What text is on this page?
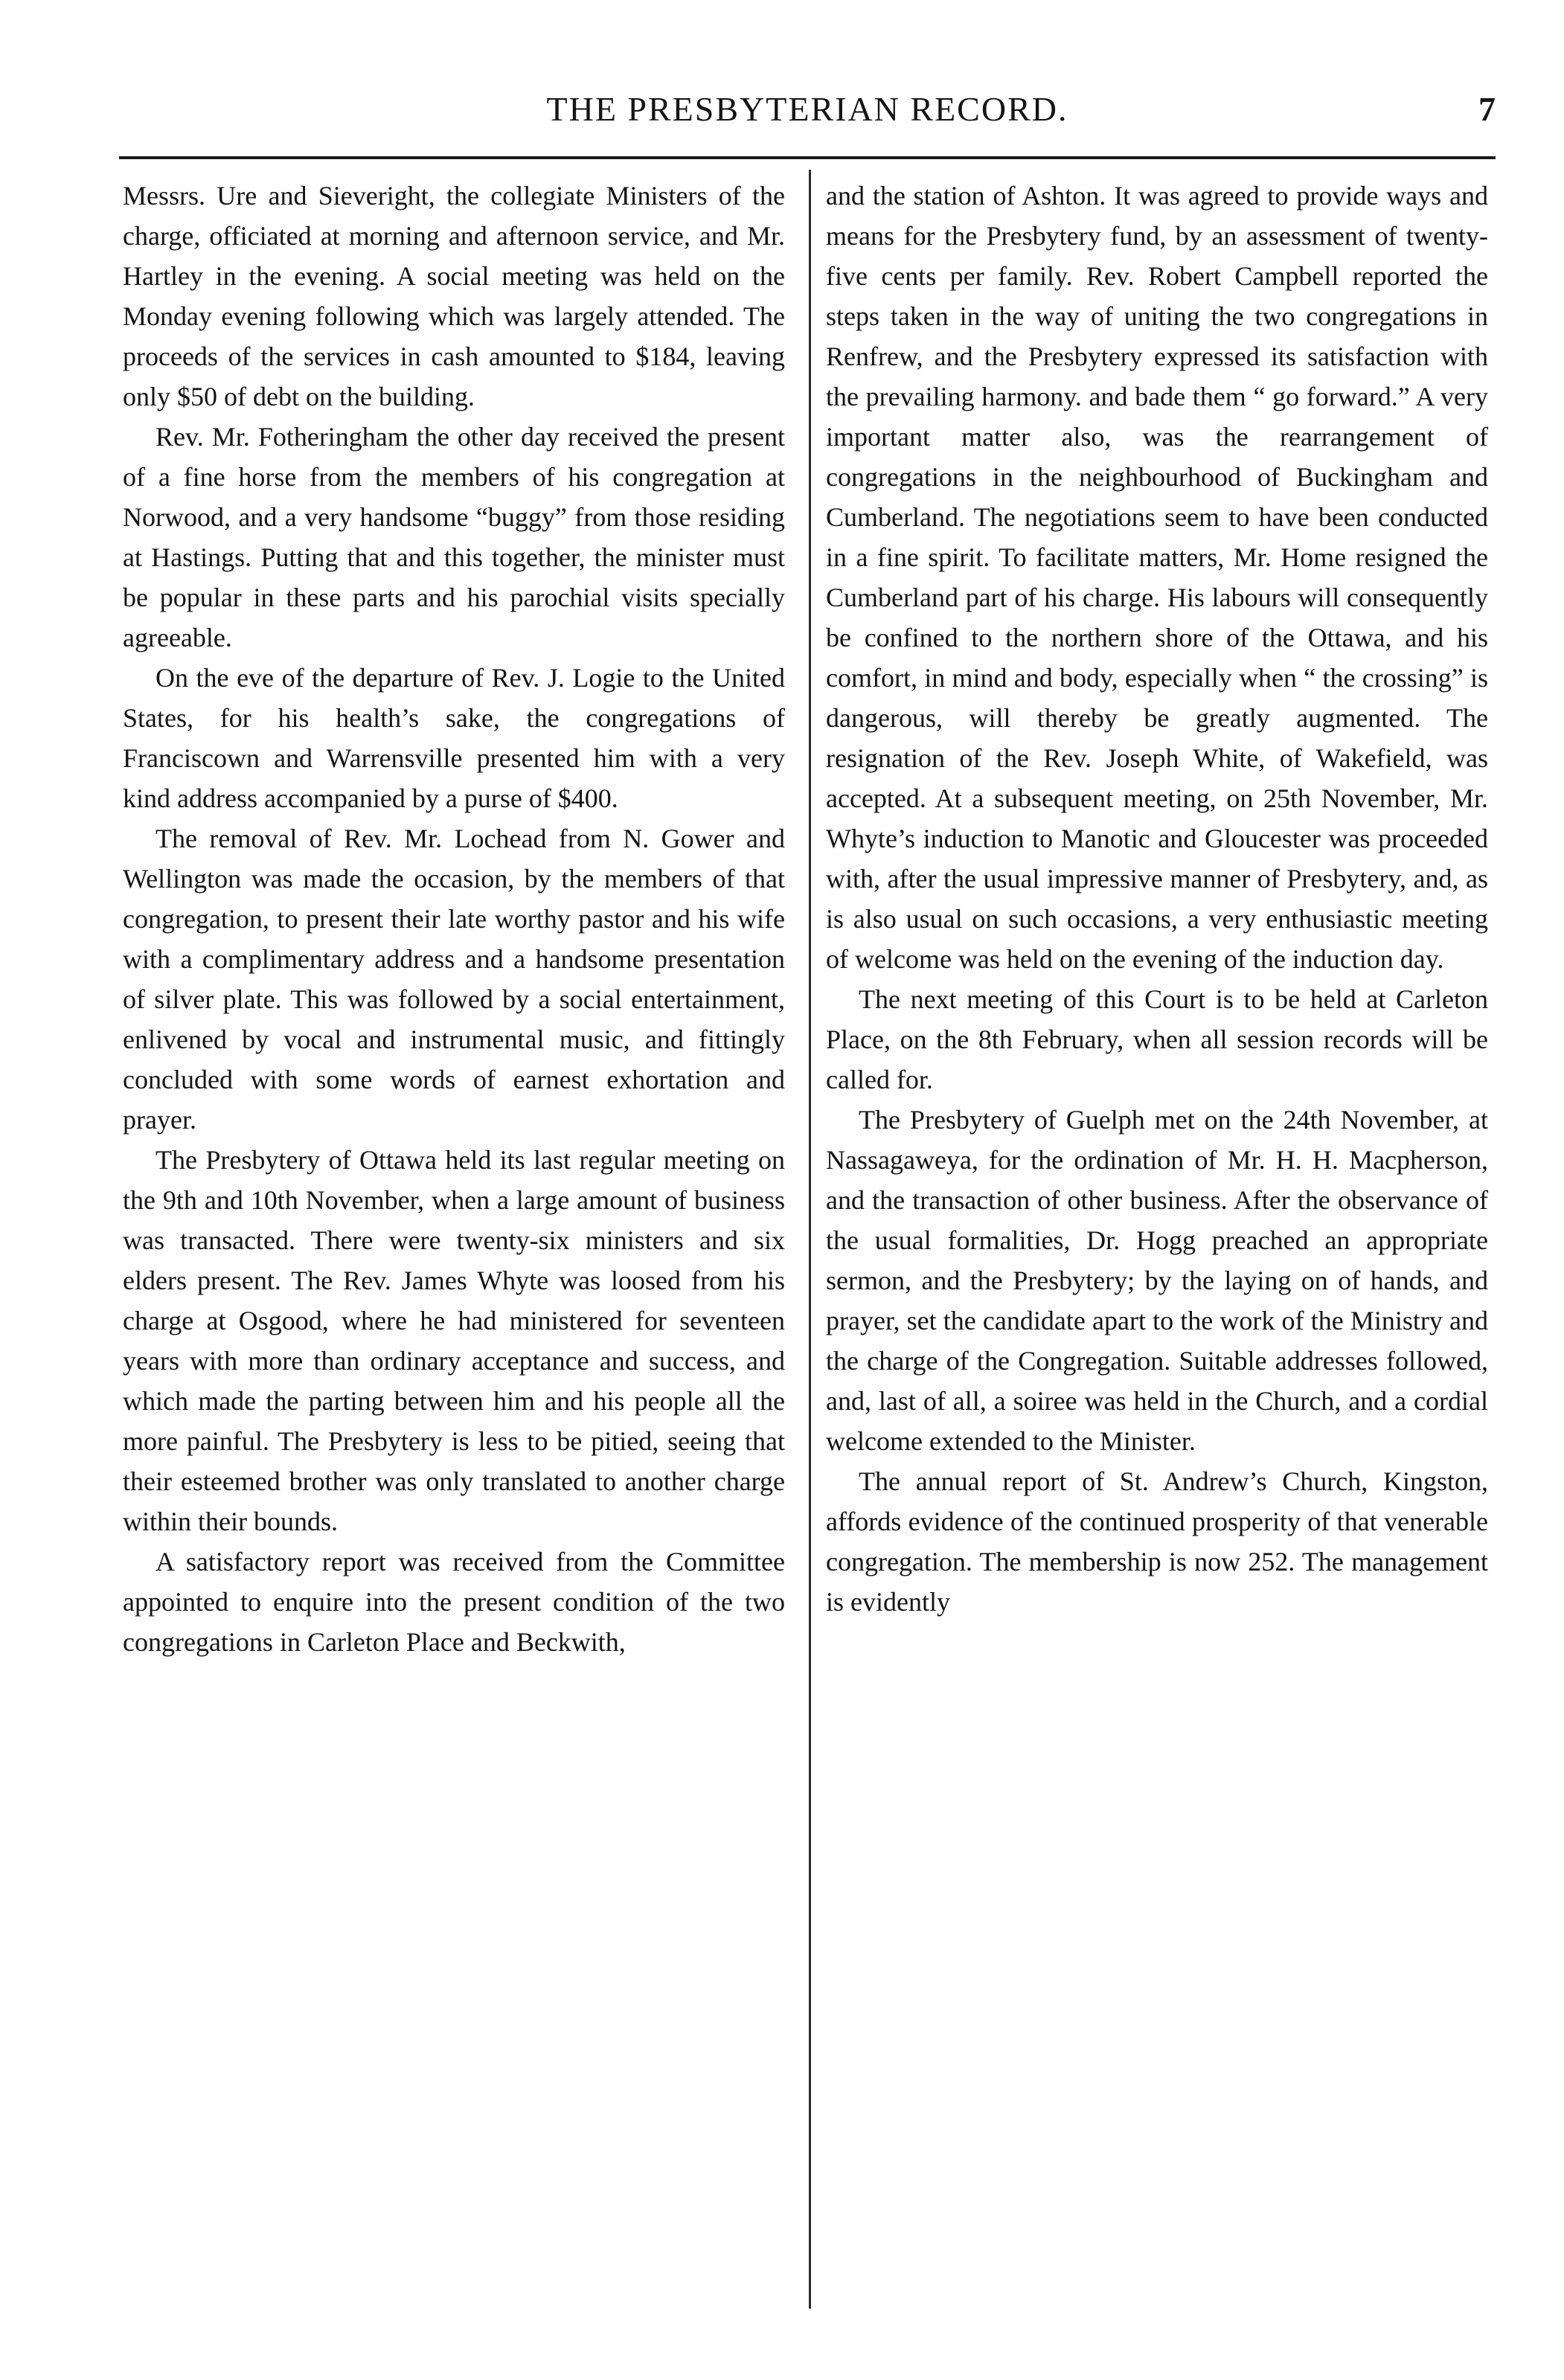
THE PRESBYTERIAN RECORD.	7

Messrs. Ure and Sieveright, the collegiate Ministers of the charge, officiated at morning and afternoon service, and Mr. Hartley in the evening. A social meeting was held on the Monday evening following which was largely attended. The proceeds of the services in cash amounted to $184, leaving only $50 of debt on the building.

Rev. Mr. Fotheringham the other day received the present of a fine horse from the members of his congregation at Norwood, and a very handsome “buggy” from those residing at Hastings. Putting that and this together, the minister must be popular in these parts and his parochial visits specially agreeable.

On the eve of the departure of Rev. J. Logie to the United States, for his health’s sake, the congregations of Franciscown and Warrensville presented him with a very kind address accompanied by a purse of $400.

The removal of Rev. Mr. Lochead from N. Gower and Wellington was made the occasion, by the members of that congregation, to present their late worthy pastor and his wife with a complimentary address and a handsome presentation of silver plate. This was followed by a social entertainment, enlivened by vocal and instrumental music, and fittingly concluded with some words of earnest exhortation and prayer.

The Presbytery of Ottawa held its last regular meeting on the 9th and 10th November, when a large amount of business was transacted. There were twenty-six ministers and six elders present. The Rev. James Whyte was loosed from his charge at Osgood, where he had ministered for seventeen years with more than ordinary acceptance and success, and which made the parting between him and his people all the more painful. The Presbytery is less to be pitied, seeing that their esteemed brother was only translated to another charge within their bounds.

A satisfactory report was received from the Committee appointed to enquire into the present condition of the two congregations in Carleton Place and Beckwith,

and the station of Ashton. It was agreed to provide ways and means for the Presbytery fund, by an assessment of twenty-five cents per family. Rev. Robert Campbell reported the steps taken in the way of uniting the two congregations in Renfrew, and the Presbytery expressed its satisfaction with the prevailing harmony. and bade them “ go forward.” A very important matter also, was the rearrangement of congregations in the neighbourhood of Buckingham and Cumberland. The negotiations seem to have been conducted in a fine spirit. To facilitate matters, Mr. Home resigned the Cumberland part of his charge. His labours will consequently be confined to the northern shore of the Ottawa, and his comfort, in mind and body, especially when “ the crossing” is dangerous, will thereby be greatly augmented. The resignation of the Rev. Joseph White, of Wakefield, was accepted. At a subsequent meeting, on 25th November, Mr. Whyte’s induction to Manotic and Gloucester was proceeded with, after the usual impressive manner of Presbytery, and, as is also usual on such occasions, a very enthusiastic meeting of welcome was held on the evening of the induction day.

The next meeting of this Court is to be held at Carleton Place, on the 8th February, when all session records will be called for.

The Presbytery of Guelph met on the 24th November, at Nassagaweya, for the ordination of Mr. H. H. Macpherson, and the transaction of other business. After the observance of the usual formalities, Dr. Hogg preached an appropriate sermon, and the Presbytery; by the laying on of hands, and prayer, set the candidate apart to the work of the Ministry and the charge of the Congregation. Suitable addresses followed, and, last of all, a soiree was held in the Church, and a cordial welcome extended to the Minister.

The annual report of St. Andrew’s Church, Kingston, affords evidence of the continued prosperity of that venerable congregation. The membership is now 252. The management is evidently
